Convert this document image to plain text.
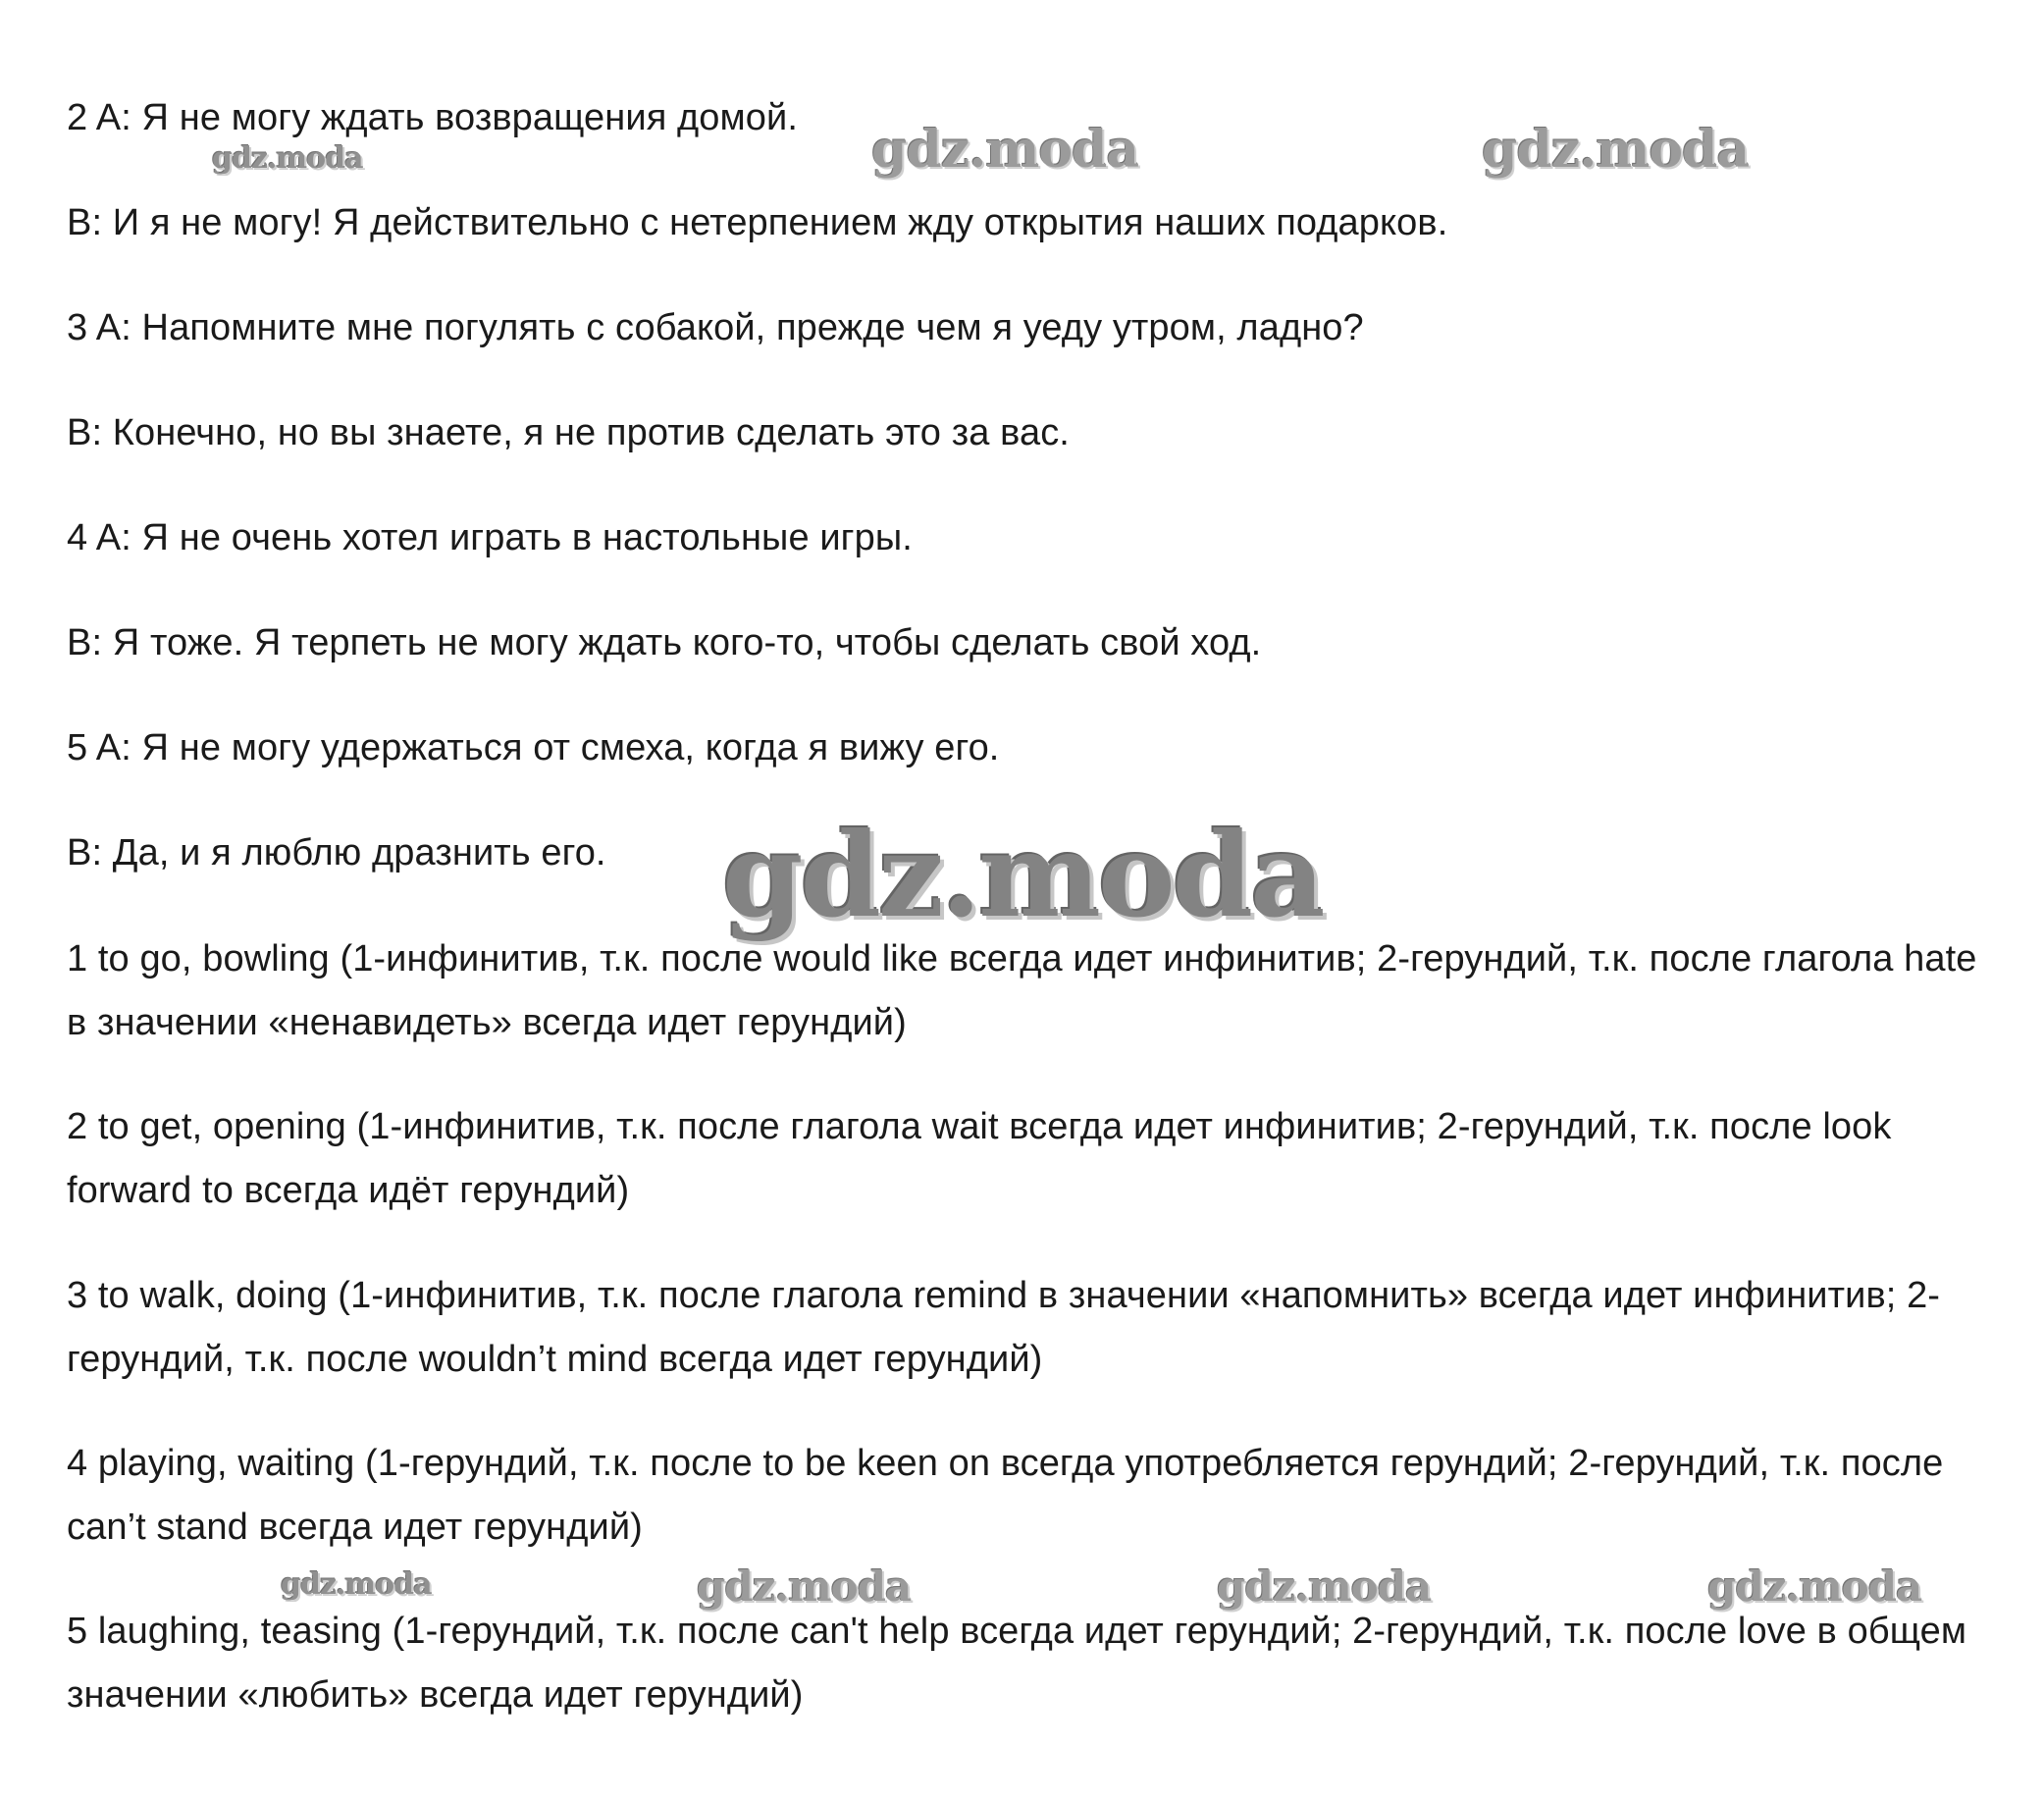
2 A: Я не могу ждать возвращения домой.
B: И я не могу! Я действительно с нетерпением жду открытия наших подарков.
3 A: Напомните мне погулять с собакой, прежде чем я уеду утром, ладно?
B: Конечно, но вы знаете, я не против сделать это за вас.
4 A: Я не очень хотел играть в настольные игры.
B: Я тоже. Я терпеть не могу ждать кого-то, чтобы сделать свой ход.
5 A: Я не могу удержаться от смеха, когда я вижу его.
B: Да, и я люблю дразнить его.
1 to go, bowling (1-инфинитив, т.к. после would like всегда идет инфинитив; 2-герундий, т.к. после глагола hate в значении «ненавидеть» всегда идет герундий)
2 to get, opening (1-инфинитив, т.к. после глагола wait всегда идет инфинитив; 2-герундий, т.к. после look forward to всегда идёт герундий)
3 to walk, doing (1-инфинитив, т.к. после глагола remind в значении «напомнить» всегда идет инфинитив; 2-герундий, т.к. после wouldn’t mind всегда идет герундий)
4 playing, waiting (1-герундий, т.к. после to be keen on всегда употребляется герундий; 2-герундий, т.к. после can’t stand всегда идет герундий)
5 laughing, teasing (1-герундий, т.к. после can't help всегда идет герундий; 2-герундий, т.к. после love в общем значении «любить» всегда идет герундий)
gdz.moda	gdz.moda	gdz.moda
gdz.moda
gdz.moda	gdz.moda	gdz.moda	gdz.moda
